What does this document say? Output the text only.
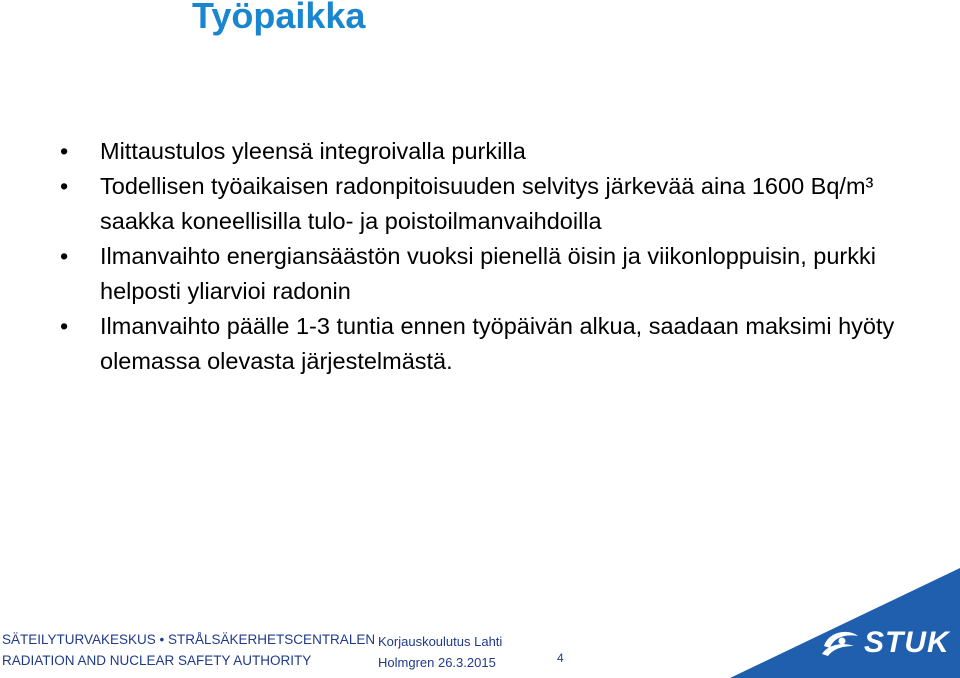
Työpaikka
•	Mittaustulos yleensä integroivalla purkilla
•	Todellisen työaikaisen radonpitoisuuden selvitys järkevää aina 1600 Bq/m³ saakka koneellisilla tulo- ja poistoilmanvaihdoilla
•	Ilmanvaihto energiansäästön vuoksi pienellä öisin ja viikonloppuisin, purkki helposti yliarvioi radonin
•	Ilmanvaihto päälle 1-3 tuntia ennen työpäivän alkua, saadaan maksimi hyöty olemassa olevasta järjestelmästä.
SÄTEILYTURVAKESKUS • STRÅLSÄKERHETSCENTRALEN
RADIATION AND NUCLEAR SAFETY AUTHORITY
Korjauskoulutus Lahti
Holmgren 26.3.2015	4	STUK
